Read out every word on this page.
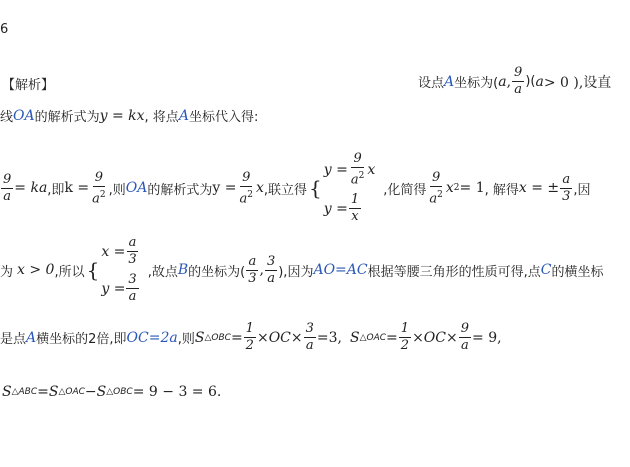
6
【解析】	设点 A 坐标为( a , $\frac{9}{a}$ )( a > 0 ),设直
线 OA 的解析式为 y = kx , 将点 A 坐标代入得:
$\frac{9}{a}$ = ka ,即 $k = \frac{9}{a^2}$ ,则 OA 的解析式为 $y = \frac{9}{a^2}$ x ,联立得 {
$y = \frac{9}{a^2}$ x
$y = \frac{1}{x}$
,化简得 $\frac{9}{a^2}$ x 2 = 1 , 解得 x = ± $\frac{a}{3}$ ,因
为 x > 0 ,所以 {
$x = \frac{a}{3}$
$y = \frac{3}{a}$
,故点 B 的坐标为( $\frac{a}{3}$ , $\frac{3}{a}$ ),因为 AO=AC 根据等腰三角形的性质可得,点 C 的横坐标
是点 A 横坐标的2倍,即 OC=2a ,则 S △OBC = $\frac{1}{2}$ × OC × $\frac{3}{a} =3$, S △OAC = $\frac{1}{2}$ × OC × $\frac{9}{a} = 9$,
S △ABC = S △OAC − S △OBC = 9 − 3 = 6.
